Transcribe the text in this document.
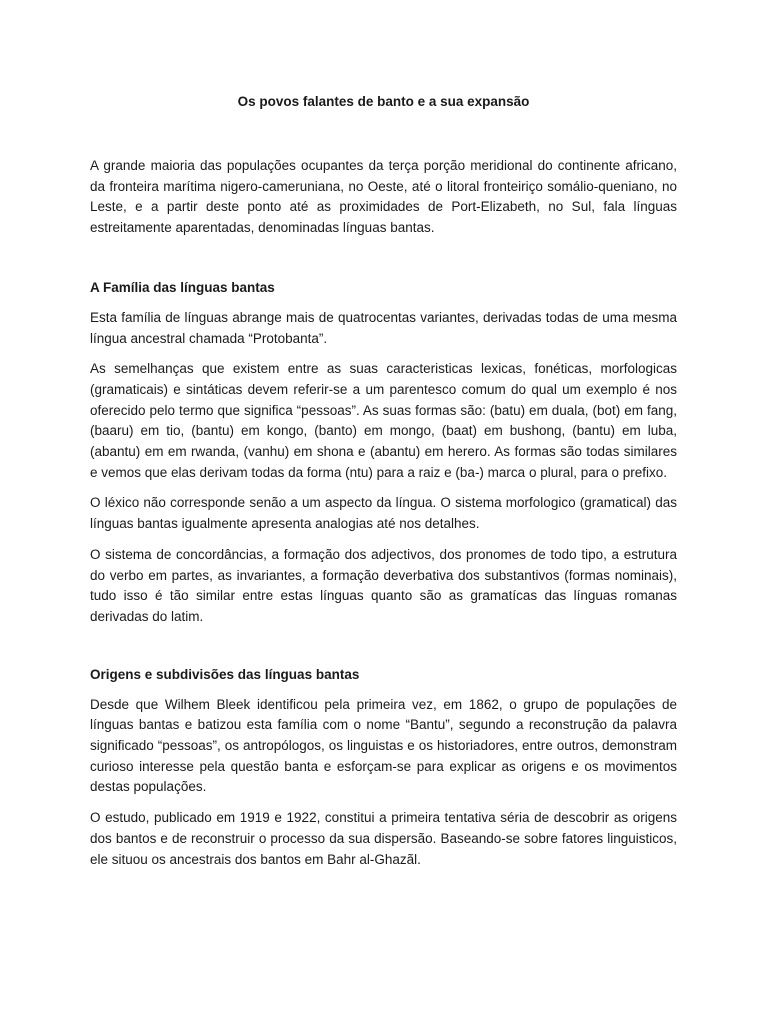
Os povos falantes de banto e a sua expansão

A grande maioria das populações ocupantes da terça porção meridional do continente africano, da fronteira marítima nigero-cameruniana, no Oeste, até o litoral fronteiriço somálio-queniano, no Leste, e a partir deste ponto até as proximidades de Port-Elizabeth, no Sul, fala línguas estreitamente aparentadas, denominadas línguas bantas.

A Família das línguas bantas

Esta família de línguas abrange mais de quatrocentas variantes, derivadas todas de uma mesma língua ancestral chamada “Protobanta”.

As semelhanças que existem entre as suas caracteristicas lexicas, fonéticas, morfologicas (gramaticais) e sintáticas devem referir-se a um parentesco comum do qual um exemplo é nos oferecido pelo termo que significa “pessoas”. As suas formas são: (batu) em duala, (bot) em fang, (baaru) em tio, (bantu) em kongo, (banto) em mongo, (baat) em bushong, (bantu) em luba, (abantu) em em rwanda, (vanhu) em shona e (abantu) em herero. As formas são todas similares e vemos que elas derivam todas da forma (ntu) para a raiz e (ba-) marca o plural, para o prefixo.

O léxico não corresponde senão a um aspecto da língua. O sistema morfologico (gramatical) das línguas bantas igualmente apresenta analogias até nos detalhes.

O sistema de concordâncias, a formação dos adjectivos, dos pronomes de todo tipo, a estrutura do verbo em partes, as invariantes, a formação deverbativa dos substantivos (formas nominais), tudo isso é tão similar entre estas línguas quanto são as gramatícas das línguas romanas derivadas do latim.

Origens e subdivisões das línguas bantas

Desde que Wilhem Bleek identificou pela primeira vez, em 1862, o grupo de populações de línguas bantas e batizou esta família com o nome “Bantu”, segundo a reconstrução da palavra significado “pessoas”, os antropólogos, os linguistas e os historiadores, entre outros, demonstram curioso interesse pela questão banta e esforçam-se para explicar as origens e os movimentos destas populações.

O estudo, publicado em 1919 e 1922, constitui a primeira tentativa séria de descobrir as origens dos bantos e de reconstruir o processo da sua dispersão. Baseando-se sobre fatores linguisticos, ele situou os ancestrais dos bantos em Bahr al-Ghazãl.
